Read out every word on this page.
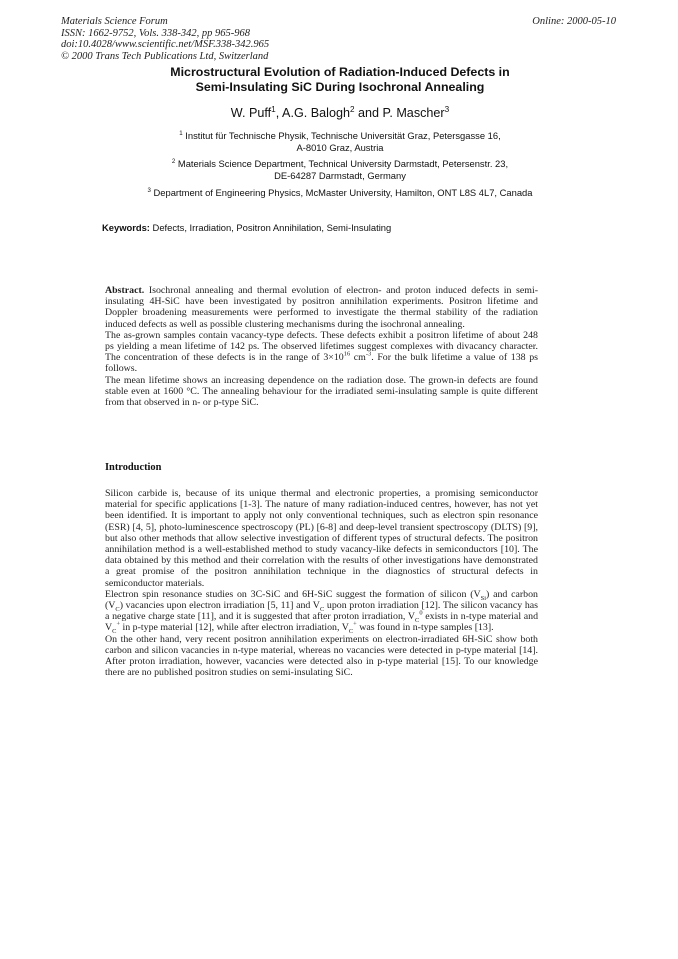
Materials Science Forum
ISSN: 1662-9752, Vols. 338-342, pp 965-968
doi:10.4028/www.scientific.net/MSF.338-342.965
© 2000 Trans Tech Publications Ltd, Switzerland
Online: 2000-05-10
Microstructural Evolution of Radiation-Induced Defects in
Semi-Insulating SiC During Isochronal Annealing
W. Puff$^1$, A.G. Balogh$^2$ and P. Mascher$^3$
$^1$ Institut für Technische Physik, Technische Universität Graz, Petersgasse 16,
A-8010 Graz, Austria
$^2$ Materials Science Department, Technical University Darmstadt, Petersenstr. 23,
DE-64287 Darmstadt, Germany
$^3$ Department of Engineering Physics, McMaster University, Hamilton, ONT L8S 4L7, Canada
Keywords: Defects, Irradiation, Positron Annihilation, Semi-Insulating

Abstract. Isochronal annealing and thermal evolution of electron- and proton induced defects in semi-insulating 4H-SiC have been investigated by positron annihilation experiments. Positron lifetime and Doppler broadening measurements were performed to investigate the thermal stability of the radiation induced defects as well as possible clustering mechanisms during the isochronal annealing.

The as-grown samples contain vacancy-type defects. These defects exhibit a positron lifetime of about 248 ps yielding a mean lifetime of 142 ps. The observed lifetimes suggest complexes with divacancy character. The concentration of these defects is in the range of $3\times 10^{16}$ $cm^{-3}$. For the bulk lifetime a value of 138 ps follows.

The mean lifetime shows an increasing dependence on the radiation dose. The grown-in defects are found stable even at 1600 °C. The annealing behaviour for the irradiated semi-insulating sample is quite different from that observed in n- or p-type SiC.

Introduction

Silicon carbide is, because of its unique thermal and electronic properties, a promising semiconductor material for specific applications [1-3]. The nature of many radiation-induced centres, however, has not yet been identified. It is important to apply not only conventional techniques, such as electron spin resonance (ESR) [4, 5], photo-luminescence spectroscopy (PL) [6-8] and deep-level transient spectroscopy (DLTS) [9], but also other methods that allow selective investigation of different types of structural defects. The positron annihilation method is a well-established method to study vacancy-like defects in semiconductors [10]. The data obtained by this method and their correlation with the results of other investigations have demonstrated a great promise of the positron annihilation technique in the diagnostics of structural defects in semiconductor materials.

Electron spin resonance studies on 3C-SiC and 6H-SiC suggest the formation of silicon $(V_{Si})$ and carbon $(V_C)$ vacancies upon electron irradiation [5, 11] and $V_C$ upon proton irradiation [12]. The silicon vacancy has a negative charge state [11], and it is suggested that after proton irradiation, $V_C^0$ exists in n-type material and $V_C^+$ in p-type material [12], while after electron irradiation, $V_C^+$ was found in n-type samples [13].

On the other hand, very recent positron annihilation experiments on electron-irradiated 6H-SiC show both carbon and silicon vacancies in n-type material, whereas no vacancies were detected in p-type material [14]. After proton irradiation, however, vacancies were detected also in p-type material [15]. To our knowledge there are no published positron studies on semi-insulating SiC.
